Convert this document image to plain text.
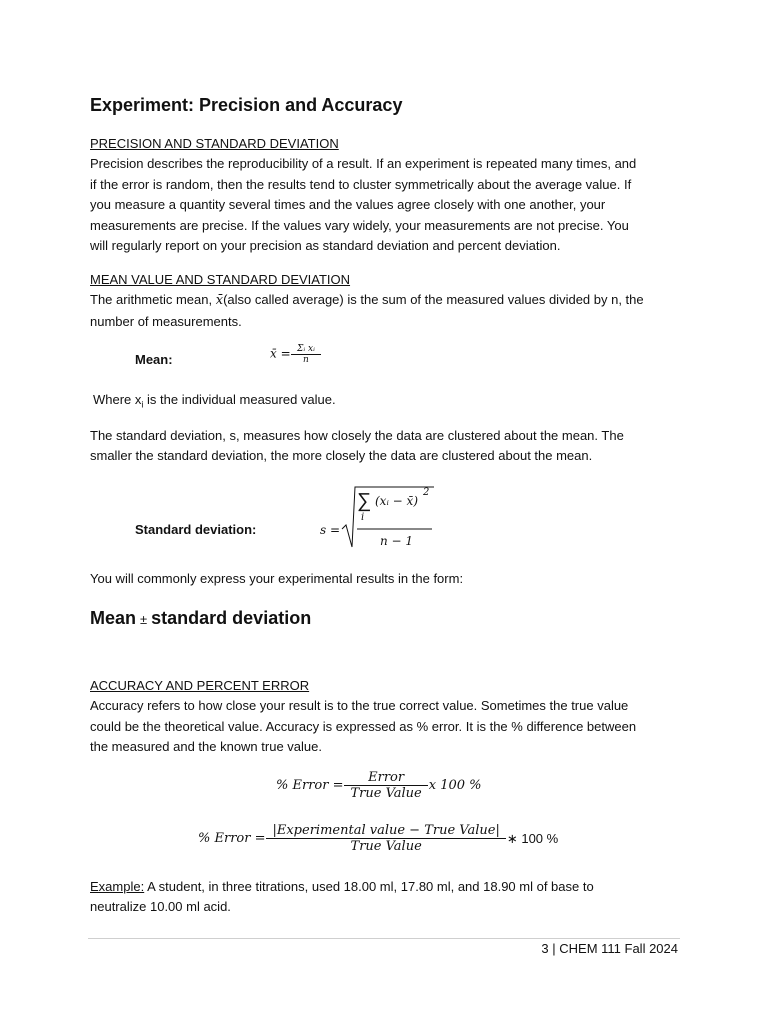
Experiment: Precision and Accuracy
PRECISION AND STANDARD DEVIATION
Precision describes the reproducibility of a result. If an experiment is repeated many times, and
if the error is random, then the results tend to cluster symmetrically about the average value. If
you measure a quantity several times and the values agree closely with one another, your
measurements are precise. If the values vary widely, your measurements are not precise. You
will regularly report on your precision as standard deviation and percent deviation.
MEAN VALUE AND STANDARD DEVIATION
The arithmetic mean, x̄(also called average) is the sum of the measured values divided by n, the
number of measurements.
Mean:	x̄ = $\frac{\text{Σᵢ xᵢ}}{n}$
Where $x_i$ is the individual measured value.
The standard deviation, s, measures how closely the data are clustered about the mean. The
smaller the standard deviation, the more closely the data are clustered about the mean.
Standard deviation:	s =
∑
i
(xᵢ − x̄)
2
n − 1
You will commonly express your experimental results in the form:
Mean ± standard deviation
ACCURACY AND PERCENT ERROR
Accuracy refers to how close your result is to the true correct value. Sometimes the true value
could be the theoretical value. Accuracy is expressed as % error. It is the % difference between
the measured and the known true value.
% Error = $\frac{\text{Error}}{\text{True Value}}$ x 100 %
% Error = $\frac{\text{|Experimental value − True Value|}}{\text{True Value}}$ ∗ 100 %
Example: A student, in three titrations, used 18.00 ml, 17.80 ml, and 18.90 ml of base to
neutralize 10.00 ml acid.
3 | CHEM 111 Fall 2024
